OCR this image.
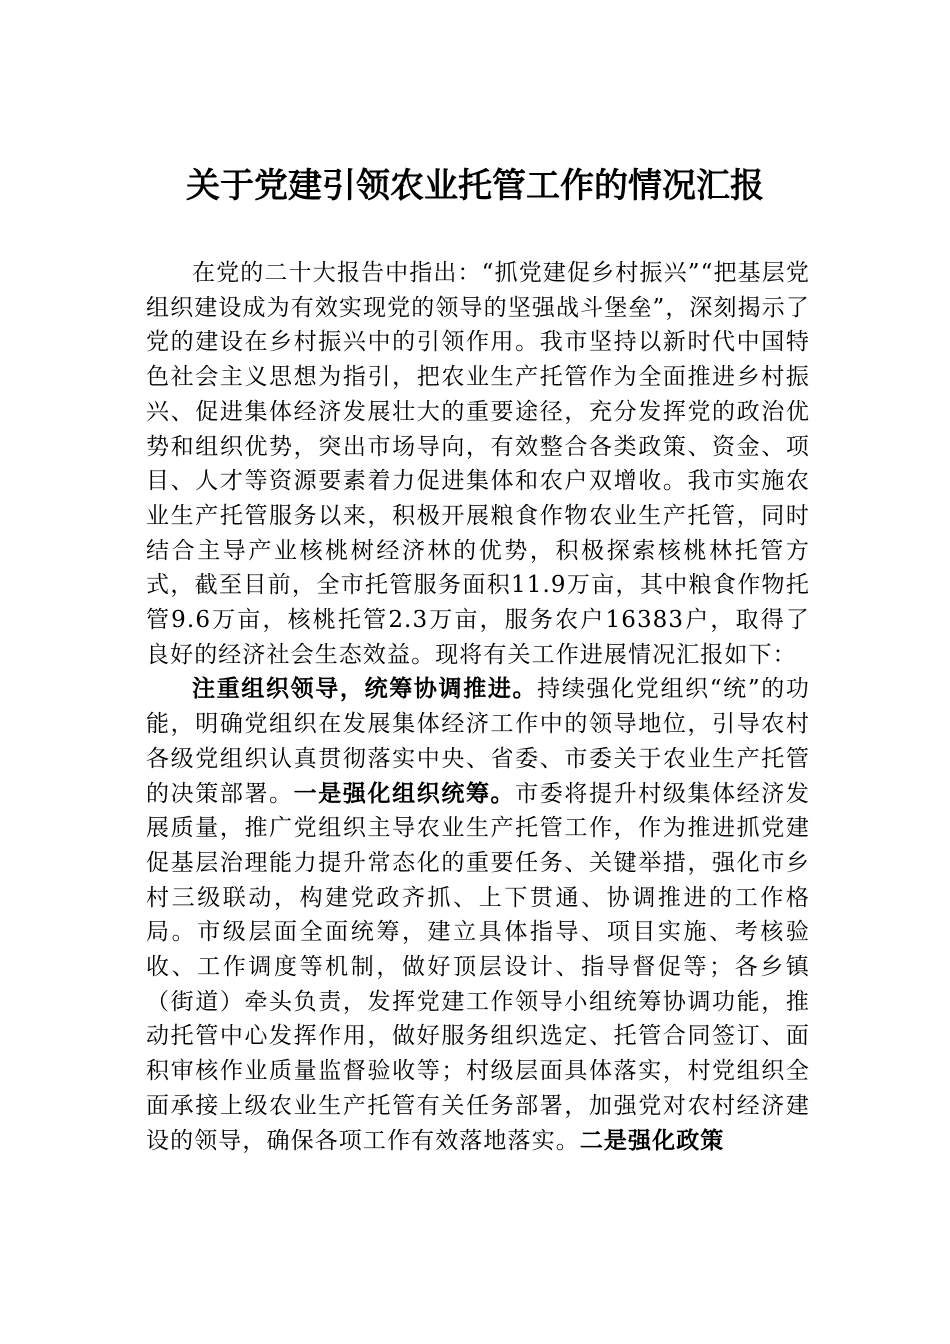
关于党建引领农业托管工作的情况汇报

在党的二十大报告中指出：“抓党建促乡村振兴”“把基层党组织建设成为有效实现党的领导的坚强战斗堡垒”，深刻揭示了党的建设在乡村振兴中的引领作用。我市坚持以新时代中国特色社会主义思想为指引，把农业生产托管作为全面推进乡村振兴、促进集体经济发展壮大的重要途径，充分发挥党的政治优势和组织优势，突出市场导向，有效整合各类政策、资金、项目、人才等资源要素着力促进集体和农户双增收。我市实施农业生产托管服务以来，积极开展粮食作物农业生产托管，同时结合主导产业核桃树经济林的优势，积极探索核桃林托管方式，截至目前，全市托管服务面积11.9万亩，其中粮食作物托管9.6万亩，核桃托管2.3万亩，服务农户16383户，取得了良好的经济社会生态效益。现将有关工作进展情况汇报如下：

注重组织领导，统筹协调推进。持续强化党组织“统”的功能，明确党组织在发展集体经济工作中的领导地位，引导农村各级党组织认真贯彻落实中央、省委、市委关于农业生产托管的决策部署。一是强化组织统筹。市委将提升村级集体经济发展质量，推广党组织主导农业生产托管工作，作为推进抓党建促基层治理能力提升常态化的重要任务、关键举措，强化市乡村三级联动，构建党政齐抓、上下贯通、协调推进的工作格局。市级层面全面统筹，建立具体指导、项目实施、考核验收、工作调度等机制，做好顶层设计、指导督促等；各乡镇（街道）牵头负责，发挥党建工作领导小组统筹协调功能，推动托管中心发挥作用，做好服务组织选定、托管合同签订、面积审核作业质量监督验收等；村级层面具体落实，村党组织全面承接上级农业生产托管有关任务部署，加强党对农村经济建设的领导，确保各项工作有效落地落实。二是强化政策
